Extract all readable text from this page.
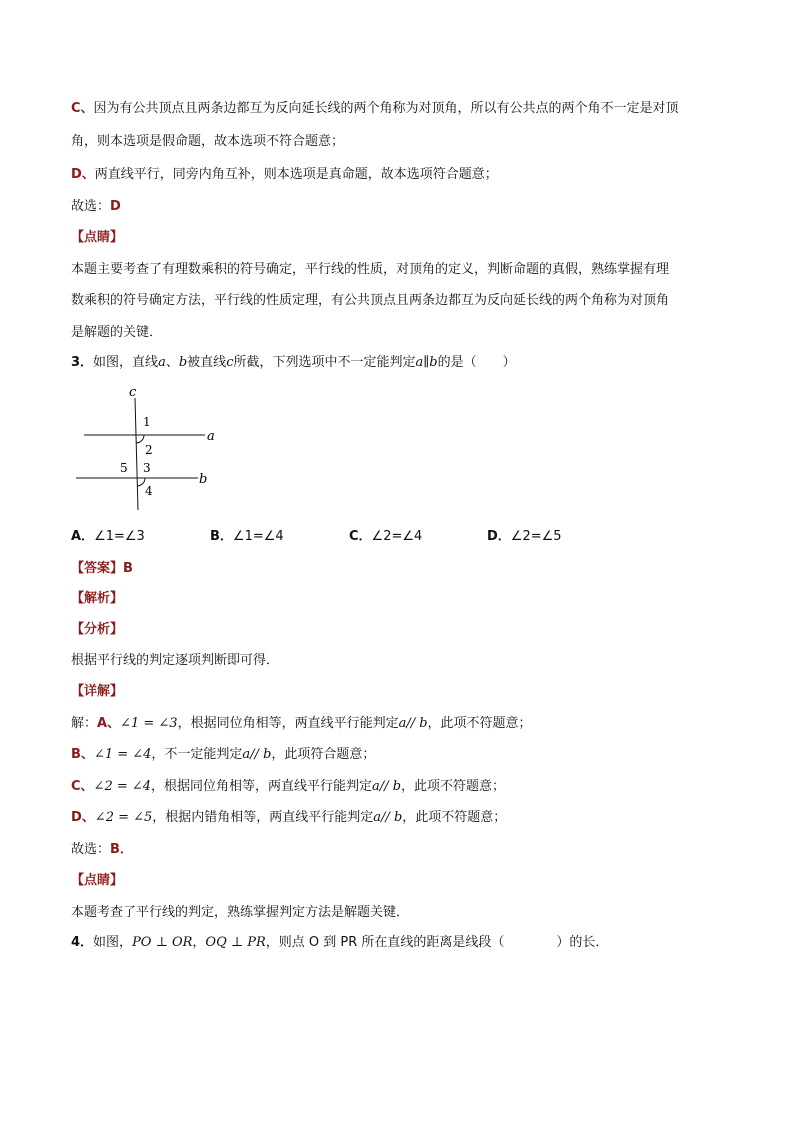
C、因为有公共顶点且两条边都互为反向延长线的两个角称为对顶角，所以有公共点的两个角不一定是对顶
角，则本选项是假命题，故本选项不符合题意；
D、两直线平行，同旁内角互补，则本选项是真命题，故本选项符合题意；
故选：D
【点睛】
本题主要考查了有理数乘积的符号确定，平行线的性质，对顶角的定义，判断命题的真假，熟练掌握有理
数乘积的符号确定方法，平行线的性质定理，有公共顶点且两条边都互为反向延长线的两个角称为对顶角
是解题的关键．
3．如图，直线a、b被直线c所截，下列选项中不一定能判定a∥b的是（　　）
c
a
b
1
2
3
4
5
A．∠1=∠3	B．∠1=∠4	C．∠2=∠4	D．∠2=∠5
【答案】B
【解析】
【分析】
根据平行线的判定逐项判断即可得．
【详解】
解：A、∠1 = ∠3，根据同位角相等，两直线平行能判定a// b，此项不符题意；
B、∠1 = ∠4，不一定能判定a// b，此项符合题意；
C、∠2 = ∠4，根据同位角相等，两直线平行能判定a// b，此项不符题意；
D、∠2 = ∠5，根据内错角相等，两直线平行能判定a// b，此项不符题意；
故选：B．
【点睛】
本题考查了平行线的判定，熟练掌握判定方法是解题关键．
4．如图，PO ⊥ OR，OQ ⊥ PR，则点 O 到 PR 所在直线的距离是线段（　　　　）的长．
